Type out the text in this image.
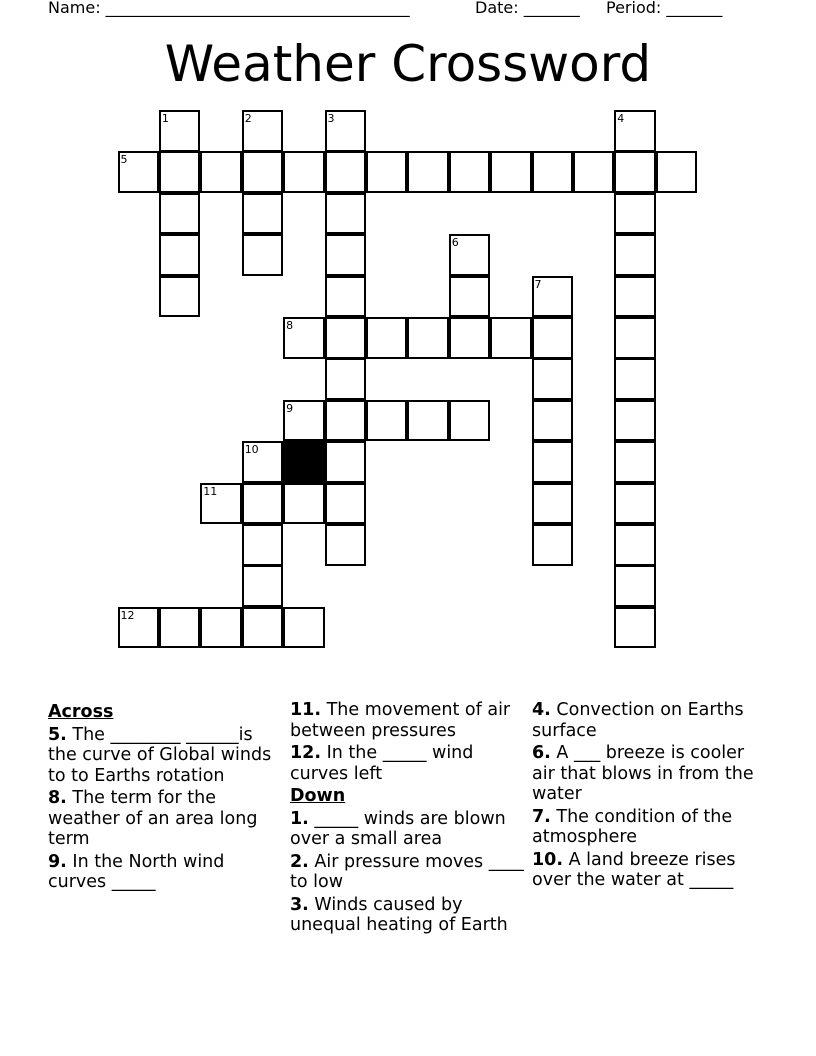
Name: ______________________________________	Date: _______ Period: _______
Weather Crossword
1	2	3	4
5
6
7
8
9
10
11
12
Across
5. The ________ ______is the curve of Global winds to to Earths rotation
8. The term for the weather of an area long term
9. In the North wind curves _____
11. The movement of air between pressures
12. In the _____ wind curves left
Down
1. _____ winds are blown over a small area
2. Air pressure moves ____ to low
3. Winds caused by unequal heating of Earth
4. Convection on Earths surface
6. A ___ breeze is cooler air that blows in from the water
7. The condition of the atmosphere
10. A land breeze rises over the water at _____
